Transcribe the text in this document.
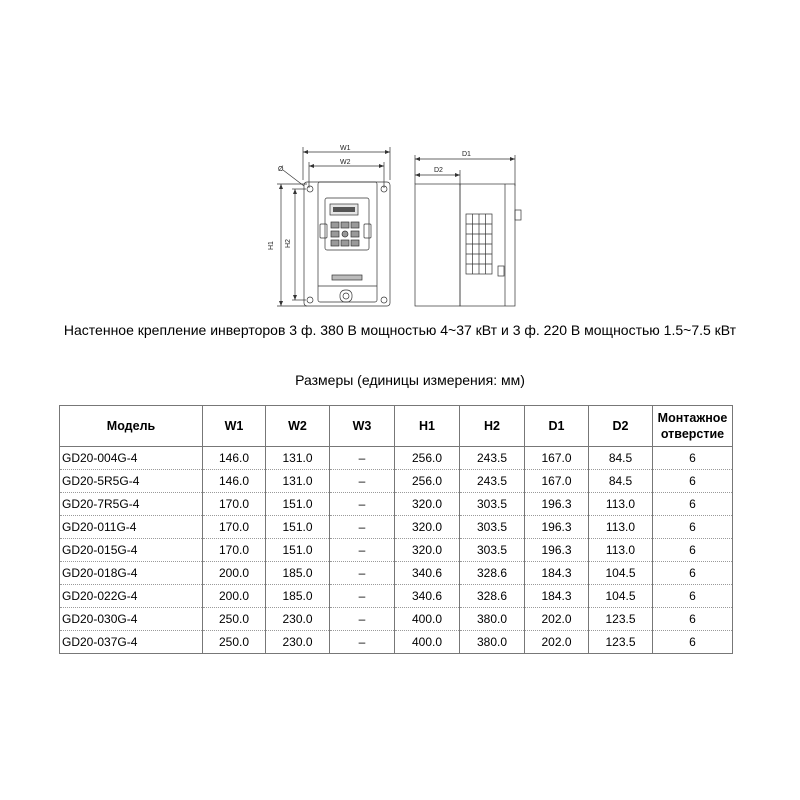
W1
W2
Ø
H1 H2
D1
D2
Настенное крепление инверторов 3 ф. 380 В мощностью 4~37 кВт и 3 ф. 220 В мощностью 1.5~7.5 кВт
Размеры (единицы измерения: мм)
Модель	W1	W2	W3	H1	H2	D1	D2	Монтажное отверстие
GD20-004G-4	146.0	131.0	–	256.0	243.5	167.0	84.5	6
GD20-5R5G-4	146.0	131.0	–	256.0	243.5	167.0	84.5	6
GD20-7R5G-4	170.0	151.0	–	320.0	303.5	196.3	113.0	6
GD20-011G-4	170.0	151.0	–	320.0	303.5	196.3	113.0	6
GD20-015G-4	170.0	151.0	–	320.0	303.5	196.3	113.0	6
GD20-018G-4	200.0	185.0	–	340.6	328.6	184.3	104.5	6
GD20-022G-4	200.0	185.0	–	340.6	328.6	184.3	104.5	6
GD20-030G-4	250.0	230.0	–	400.0	380.0	202.0	123.5	6
GD20-037G-4	250.0	230.0	–	400.0	380.0	202.0	123.5	6
